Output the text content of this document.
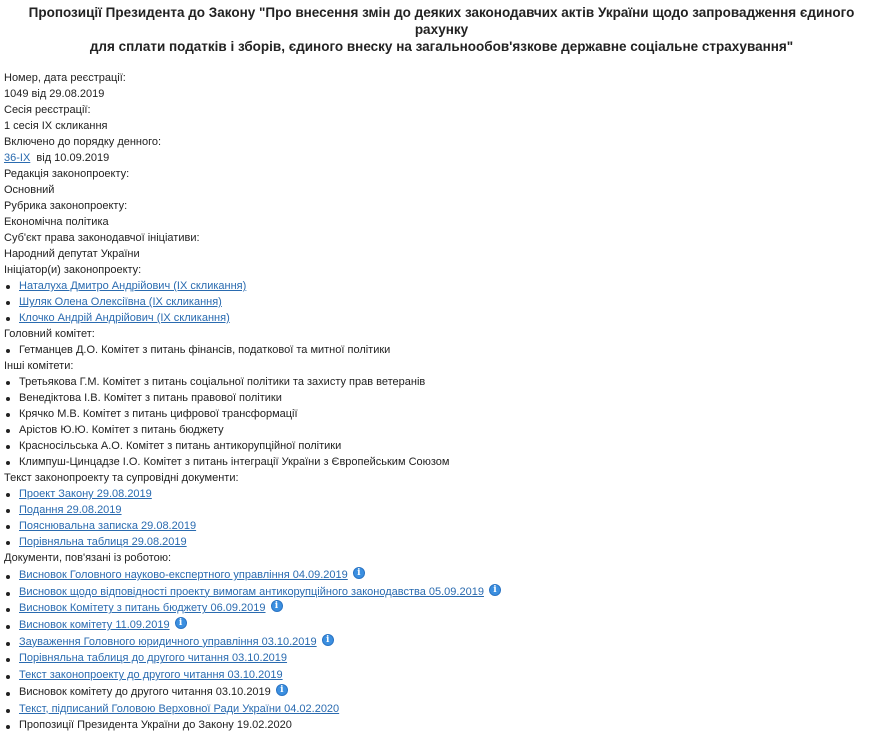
Пропозиції Президента до Закону "Про внесення змін до деяких законодавчих актів України щодо запровадження єдиного рахунку
для сплати податків і зборів, єдиного внеску на загальнообов'язкове державне соціальне страхування"
Номер, дата реєстрації:
1049 від 29.08.2019
Сесія реєстрації:
1 сесія IX скликання
Включено до порядку денного:
36-IX від 10.09.2019
Редакція законопроекту:
Основний
Рубрика законопроекту:
Економічна політика
Суб'єкт права законодавчої ініціативи:
Народний депутат України
Ініціатор(и) законопроекту:
Наталуха Дмитро Андрійович (IX скликання)
Шуляк Олена Олексіївна (IX скликання)
Клочко Андрій Андрійович (IX скликання)
Головний комітет:
Гетманцев Д.О. Комітет з питань фінансів, податкової та митної політики
Інші комітети:
Третьякова Г.М. Комітет з питань соціальної політики та захисту прав ветеранів
Венедіктова І.В. Комітет з питань правової політики
Крячко М.В. Комітет з питань цифрової трансформації
Арістов Ю.Ю. Комітет з питань бюджету
Красносільська А.О. Комітет з питань антикорупційної політики
Климпуш-Цинцадзе І.О. Комітет з питань інтеграції України з Європейським Союзом
Текст законопроекту та супровідні документи:
Проект Закону 29.08.2019
Подання 29.08.2019
Пояснювальна записка 29.08.2019
Порівняльна таблиця 29.08.2019
Документи, пов'язані із роботою:
Висновок Головного науково-експертного управління 04.09.2019 i
Висновок щодо відповідності проекту вимогам антикорупційного законодавства 05.09.2019 i
Висновок Комітету з питань бюджету 06.09.2019 i
Висновок комітету 11.09.2019 i
Зауваження Головного юридичного управління 03.10.2019 i
Порівняльна таблиця до другого читання 03.10.2019
Текст законопроекту до другого читання 03.10.2019
Висновок комітету до другого читання 03.10.2019 i
Текст, підписаний Головою Верховної Ради України 04.02.2020
Пропозиції Президента України до Закону 19.02.2020
